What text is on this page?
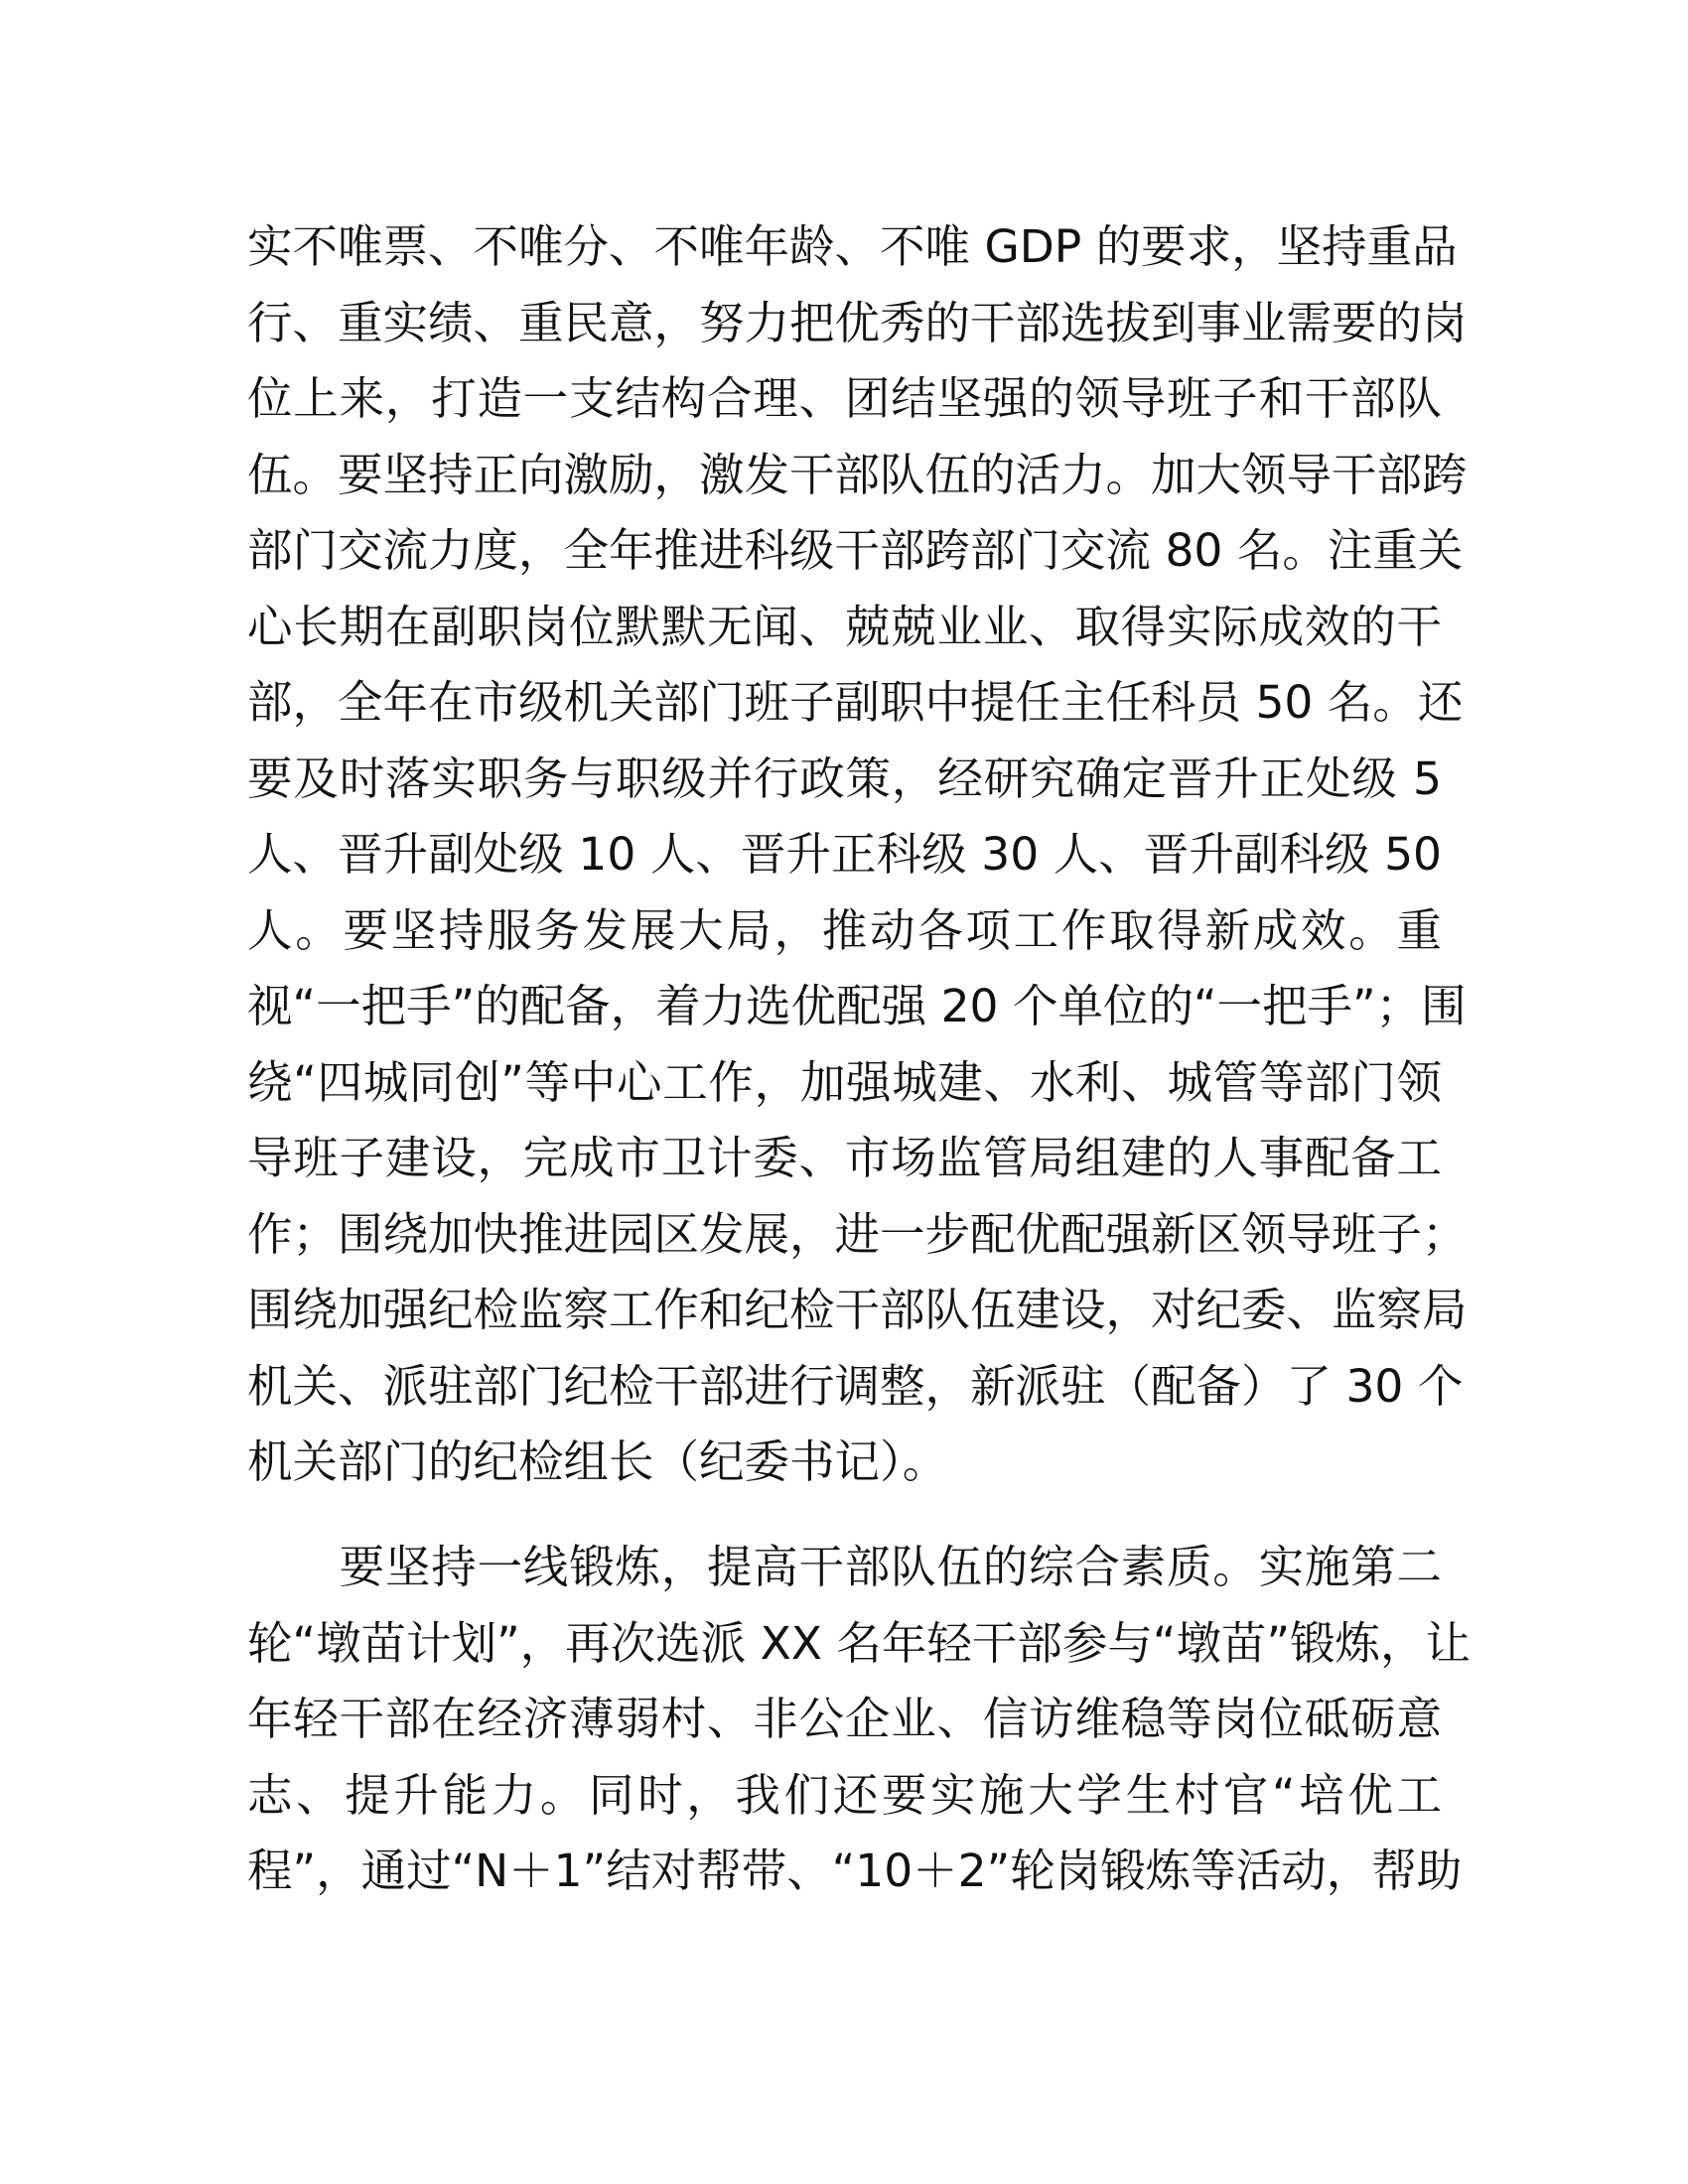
实不唯票、不唯分、不唯年龄、不唯 GDP 的要求，坚持重品
行、重实绩、重民意，努力把优秀的干部选拔到事业需要的岗
位上来，打造一支结构合理、团结坚强的领导班子和干部队
伍。要坚持正向激励，激发干部队伍的活力。加大领导干部跨
部门交流力度，全年推进科级干部跨部门交流 80 名。注重关
心长期在副职岗位默默无闻、兢兢业业、取得实际成效的干
部，全年在市级机关部门班子副职中提任主任科员 50 名。还
要及时落实职务与职级并行政策，经研究确定晋升正处级 5
人、晋升副处级 10 人、晋升正科级 30 人、晋升副科级 50
人。要坚持服务发展大局，推动各项工作取得新成效。重
视“一把手”的配备，着力选优配强 20 个单位的“一把手”；围
绕“四城同创”等中心工作，加强城建、水利、城管等部门领
导班子建设，完成市卫计委、市场监管局组建的人事配备工
作；围绕加快推进园区发展，进一步配优配强新区领导班子；
围绕加强纪检监察工作和纪检干部队伍建设，对纪委、监察局
机关、派驻部门纪检干部进行调整，新派驻（配备）了 30 个
机关部门的纪检组长（纪委书记）。
　　要坚持一线锻炼，提高干部队伍的综合素质。实施第二
轮“墩苗计划”，再次选派 XX 名年轻干部参与“墩苗”锻炼，让
年轻干部在经济薄弱村、非公企业、信访维稳等岗位砥砺意
志、提升能力。同时，我们还要实施大学生村官“培优工
程”，通过“N＋1”结对帮带、“10＋2”轮岗锻炼等活动，帮助
